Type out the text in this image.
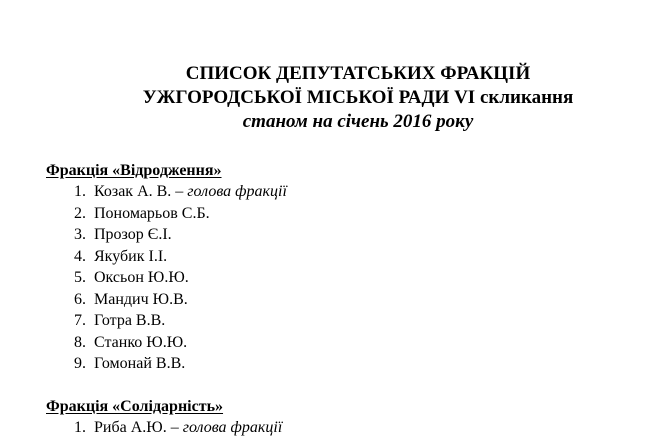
СПИСОК ДЕПУТАТСЬКИХ ФРАКЦІЙ
УЖГОРОДСЬКОЇ МІСЬКОЇ РАДИ VІ скликання
станом на січень 2016 року

Фракція «Відродження»

1. Козак А. В. – голова фракції
2. Пономарьов С.Б.
3. Прозор Є.І.
4. Якубик І.І.
5. Оксьон Ю.Ю.
6. Мандич Ю.В.
7. Готра В.В.
8. Станко Ю.Ю.
9. Гомонай В.В.

Фракція «Солідарність»

1. Риба А.Ю. – голова фракції
